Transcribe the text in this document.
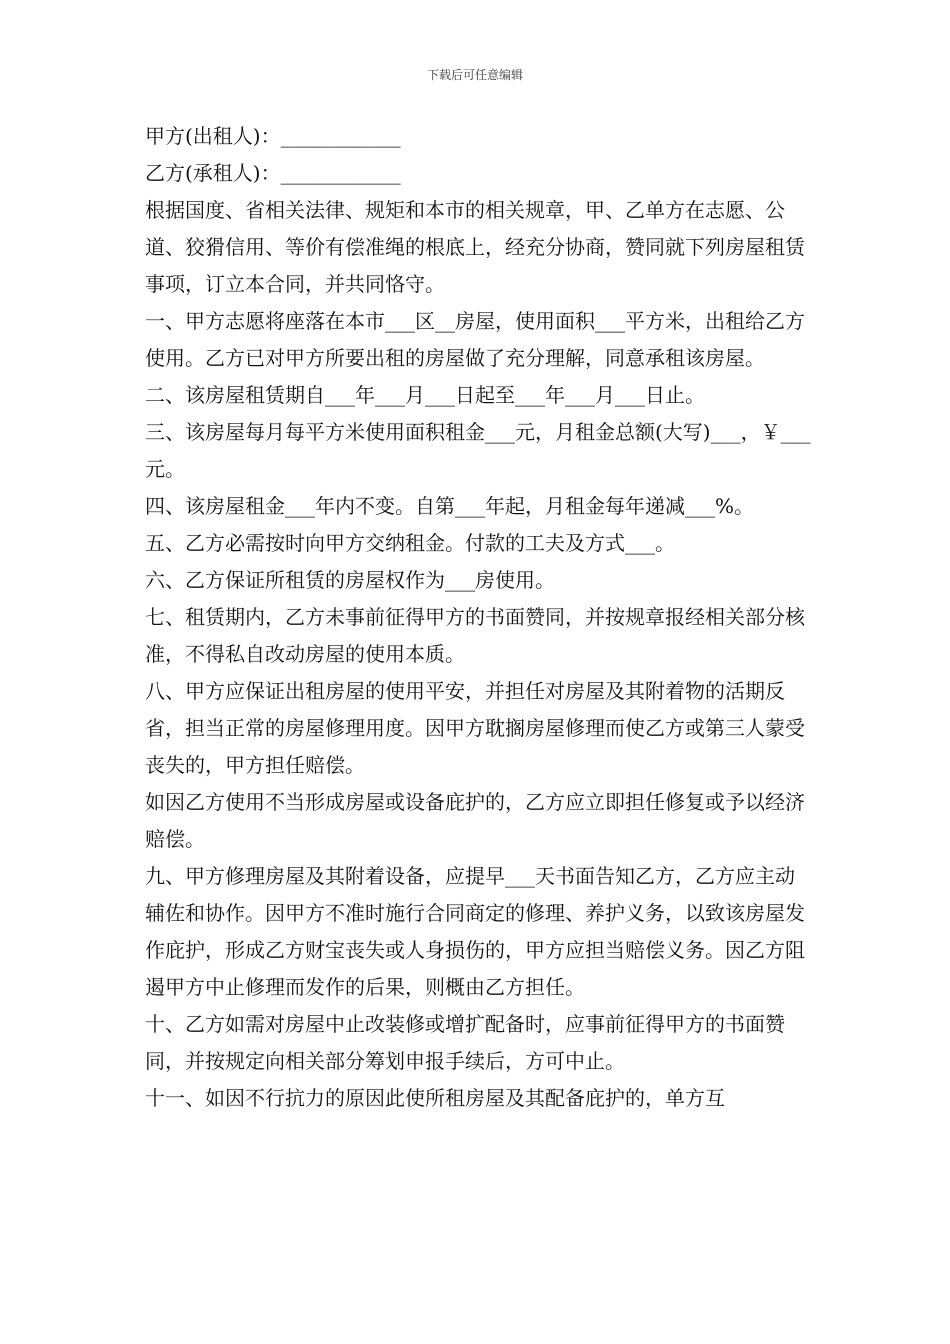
下载后可任意编辑

甲方(出租人)：____________

乙方(承租人)：____________

根据国度、省相关法律、规矩和本市的相关规章，甲、乙单方在志愿、公道、狡猾信用、等价有偿准绳的根底上，经充分协商，赞同就下列房屋租赁事项，订立本合同，并共同恪守。

一、甲方志愿将座落在本市___区__房屋，使用面积___平方米，出租给乙方使用。乙方已对甲方所要出租的房屋做了充分理解，同意承租该房屋。

二、该房屋租赁期自___年___月___日起至___年___月___日止。

三、该房屋每月每平方米使用面积租金___元，月租金总额(大写)___，￥___元。

四、该房屋租金___年内不变。自第___年起，月租金每年递减___%。

五、乙方必需按时向甲方交纳租金。付款的工夫及方式___。

六、乙方保证所租赁的房屋权作为___房使用。

七、租赁期内，乙方未事前征得甲方的书面赞同，并按规章报经相关部分核准，不得私自改动房屋的使用本质。

八、甲方应保证出租房屋的使用平安，并担任对房屋及其附着物的活期反省，担当正常的房屋修理用度。因甲方耽搁房屋修理而使乙方或第三人蒙受丧失的，甲方担任赔偿。

如因乙方使用不当形成房屋或设备庇护的，乙方应立即担任修复或予以经济赔偿。

九、甲方修理房屋及其附着设备，应提早___天书面告知乙方，乙方应主动辅佐和协作。因甲方不准时施行合同商定的修理、养护义务，以致该房屋发作庇护，形成乙方财宝丧失或人身损伤的，甲方应担当赔偿义务。因乙方阻遏甲方中止修理而发作的后果，则概由乙方担任。

十、乙方如需对房屋中止改装修或增扩配备时，应事前征得甲方的书面赞同，并按规定向相关部分筹划申报手续后，方可中止。

十一、如因不行抗力的原因此使所租房屋及其配备庇护的，单方互
